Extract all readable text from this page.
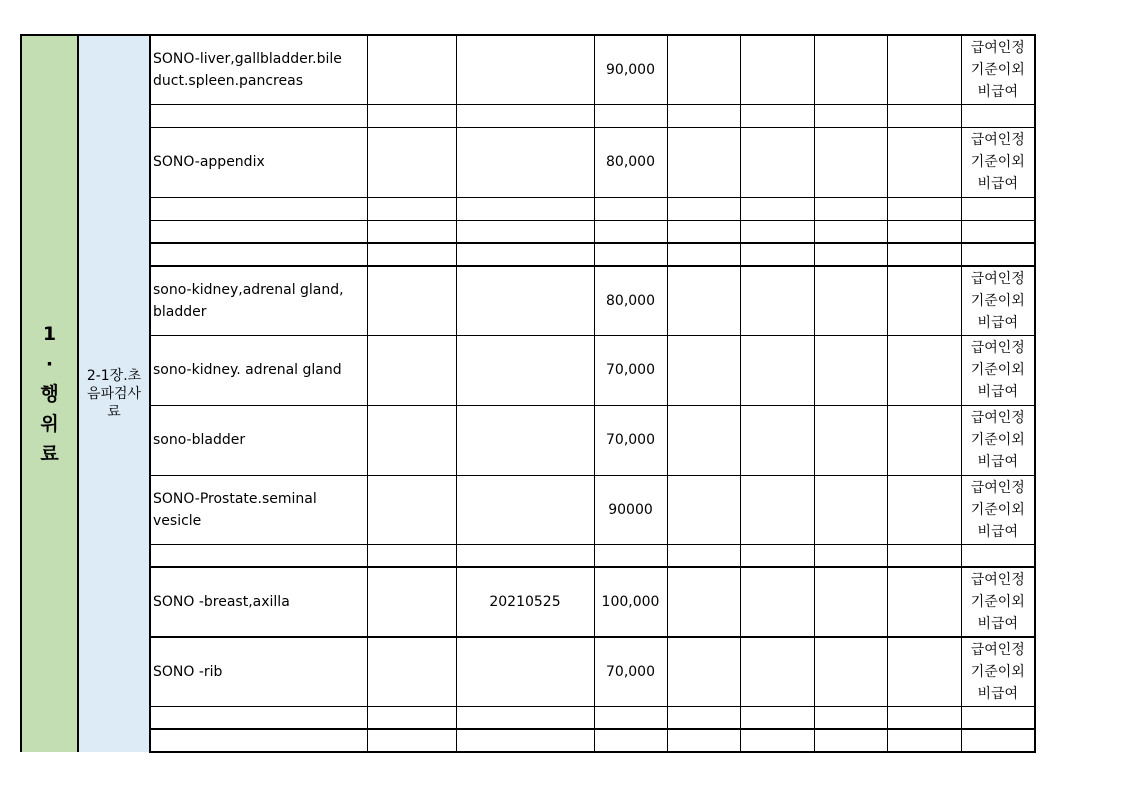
1
·
행
위
료	2-1장.초음파검사료	SONO-liver,gallbladder.bile duct.spleen.pancreas			90,000					급여인정기준이외비급여

		SONO-appendix			80,000					급여인정기준이외비급여

		sono-kidney,adrenal gland, bladder			80,000					급여인정기준이외비급여

		sono-kidney. adrenal gland			70,000					급여인정기준이외비급여

		sono-bladder			70,000					급여인정기준이외비급여

		SONO-Prostate.seminal vesicle			90000					급여인정기준이외비급여

		SONO -breast,axilla		20210525	100,000					급여인정기준이외비급여

		SONO -rib			70,000					급여인정기준이외비급여
